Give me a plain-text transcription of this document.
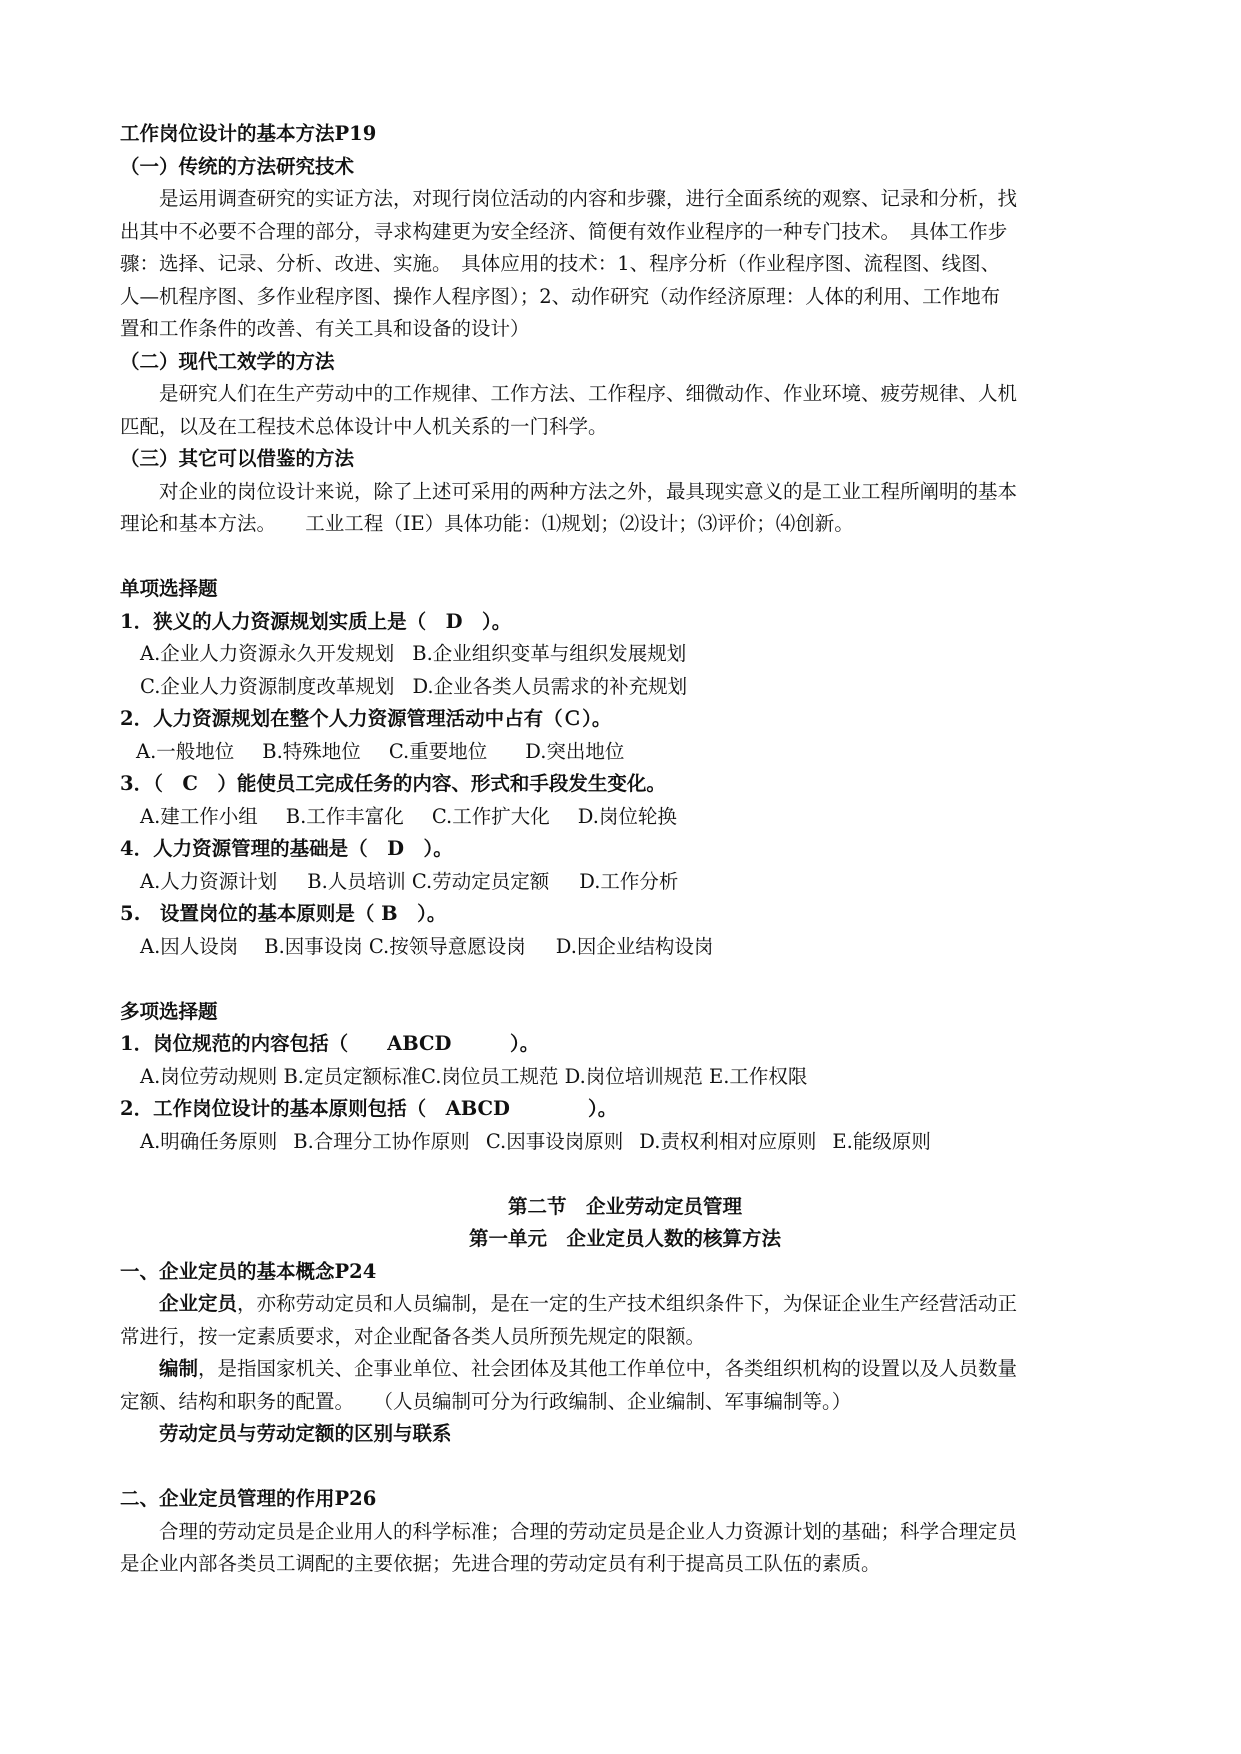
工作岗位设计的基本方法P19
（一）传统的方法研究技术
是运用调查研究的实证方法，对现行岗位活动的内容和步骤，进行全面系统的观察、记录和分析，找
出其中不必要不合理的部分，寻求构建更为安全经济、简便有效作业程序的一种专门技术。　具体工作步
骤：选择、记录、分析、改进、实施。　具体应用的技术：1、程序分析（作业程序图、流程图、线图、
人—机程序图、多作业程序图、操作人程序图）；2、动作研究（动作经济原理：人体的利用、工作地布
置和工作条件的改善、有关工具和设备的设计）
（二）现代工效学的方法
是研究人们在生产劳动中的工作规律、工作方法、工作程序、细微动作、作业环境、疲劳规律、人机
匹配，以及在工程技术总体设计中人机关系的一门科学。
（三）其它可以借鉴的方法
对企业的岗位设计来说，除了上述可采用的两种方法之外，最具现实意义的是工业工程所阐明的基本
理论和基本方法。　　工业工程（IE）具体功能：⑴规划；⑵设计；⑶评价；⑷创新。
单项选择题
1．狭义的人力资源规划实质上是（　D　）。
A.企业人力资源永久开发规划 B.企业组织变革与组织发展规划
C.企业人力资源制度改革规划 D.企业各类人员需求的补充规划
2．人力资源规划在整个人力资源管理活动中占有（Ｃ）。
A.一般地位 B.特殊地位 C.重要地位 D.突出地位
3．（　C　）能使员工完成任务的内容、形式和手段发生变化。
A.建工作小组 B.工作丰富化 C.工作扩大化 D.岗位轮换
4．人力资源管理的基础是（　D　）。
A.人力资源计划 B.人员培训 C.劳动定员定额 D.工作分析
5.　设置岗位的基本原则是（ B　）。
A.因人设岗 B.因事设岗 C.按领导意愿设岗 D.因企业结构设岗
多项选择题
1．岗位规范的内容包括（　　ABCD　　　）。
A.岗位劳动规则 B.定员定额标准C.岗位员工规范 D.岗位培训规范 E.工作权限
2．工作岗位设计的基本原则包括（　ABCD　　　　）。
A.明确任务原则 B.合理分工协作原则 C.因事设岗原则 D.责权利相对应原则 E.能级原则
第二节　企业劳动定员管理
第一单元　企业定员人数的核算方法
一、企业定员的基本概念P24
企业定员，亦称劳动定员和人员编制，是在一定的生产技术组织条件下，为保证企业生产经营活动正
常进行，按一定素质要求，对企业配备各类人员所预先规定的限额。
编制，是指国家机关、企事业单位、社会团体及其他工作单位中，各类组织机构的设置以及人员数量
定额、结构和职务的配置。　　（人员编制可分为行政编制、企业编制、军事编制等。）
劳动定员与劳动定额的区别与联系
二、企业定员管理的作用P26
合理的劳动定员是企业用人的科学标准；合理的劳动定员是企业人力资源计划的基础；科学合理定员
是企业内部各类员工调配的主要依据；先进合理的劳动定员有利于提高员工队伍的素质。
